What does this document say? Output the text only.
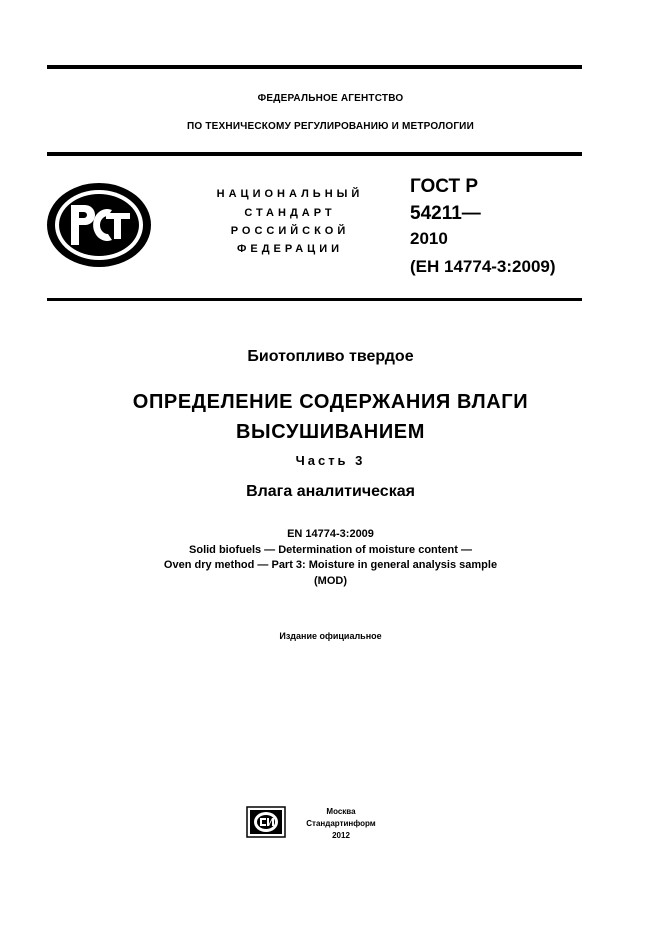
ФЕДЕРАЛЬНОЕ АГЕНТСТВО
ПО ТЕХНИЧЕСКОМУ РЕГУЛИРОВАНИЮ И МЕТРОЛОГИИ
НАЦИОНАЛЬНЫЙ
СТАНДАРТ
РОССИЙСКОЙ
ФЕДЕРАЦИИ
ГОСТ Р
54211—
2010
(ЕН 14774-3:2009)
Биотопливо твердое
ОПРЕДЕЛЕНИЕ СОДЕРЖАНИЯ ВЛАГИ
ВЫСУШИВАНИЕМ
Часть 3
Влага аналитическая
EN 14774-3:2009
Solid biofuels — Determination of moisture content —
Oven dry method — Part 3: Moisture in general analysis sample
(MOD)
Издание официальное
Москва
Стандартинформ
2012
